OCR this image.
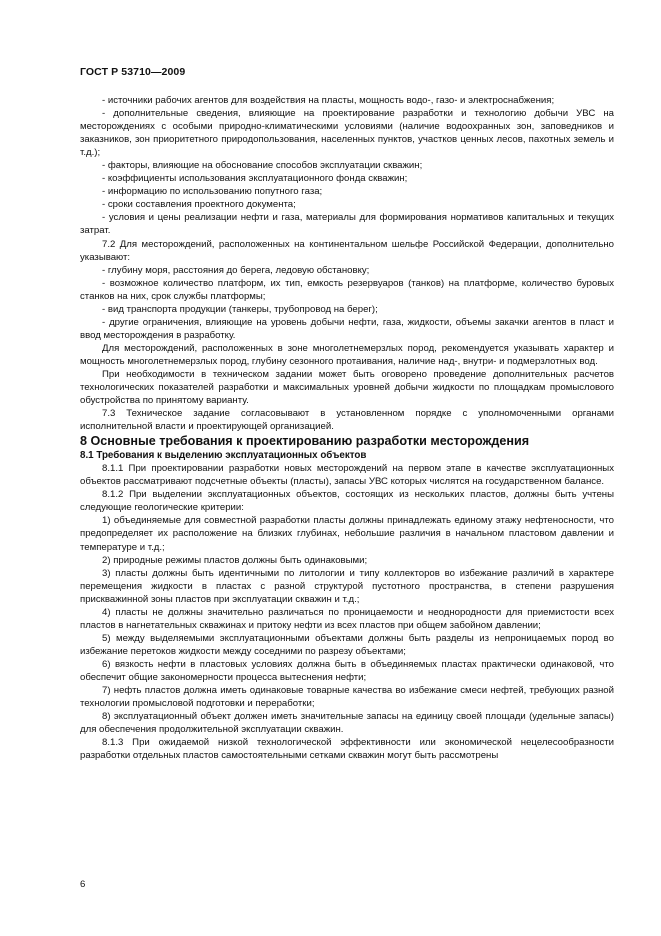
ГОСТ Р 53710—2009

- источники рабочих агентов для воздействия на пласты, мощность водо-, газо- и электроснабжения;

- дополнительные сведения, влияющие на проектирование разработки и технологию добычи УВС на месторождениях с особыми природно-климатическими условиями (наличие водоохранных зон, заповедников и заказников, зон приоритетного природопользования, населенных пунктов, участков ценных лесов, пахотных земель и т.д.);

- факторы, влияющие на обоснование способов эксплуатации скважин;

- коэффициенты использования эксплуатационного фонда скважин;

- информацию по использованию попутного газа;

- сроки составления проектного документа;

- условия и цены реализации нефти и газа, материалы для формирования нормативов капитальных и текущих затрат.

7.2 Для месторождений, расположенных на континентальном шельфе Российской Федерации, дополнительно указывают:

- глубину моря, расстояния до берега, ледовую обстановку;

- возможное количество платформ, их тип, емкость резервуаров (танков) на платформе, количество буровых станков на них, срок службы платформы;

- вид транспорта продукции (танкеры, трубопровод на берег);

- другие ограничения, влияющие на уровень добычи нефти, газа, жидкости, объемы закачки агентов в пласт и ввод месторождения в разработку.

Для месторождений, расположенных в зоне многолетнемерзлых пород, рекомендуется указывать характер и мощность многолетнемерзлых пород, глубину сезонного протаивания, наличие над-, внутри- и подмерзлотных вод.

При необходимости в техническом задании может быть оговорено проведение дополнительных расчетов технологических показателей разработки и максимальных уровней добычи жидкости по площадкам промыслового обустройства по принятому варианту.

7.3 Техническое задание согласовывают в установленном порядке с уполномоченными органами исполнительной власти и проектирующей организацией.

8 Основные требования к проектированию разработки месторождения

8.1 Требования к выделению эксплуатационных объектов

8.1.1 При проектировании разработки новых месторождений на первом этапе в качестве эксплуатационных объектов рассматривают подсчетные объекты (пласты), запасы УВС которых числятся на государственном балансе.

8.1.2 При выделении эксплуатационных объектов, состоящих из нескольких пластов, должны быть учтены следующие геологические критерии:

1) объединяемые для совместной разработки пласты должны принадлежать единому этажу нефтеносности, что предопределяет их расположение на близких глубинах, небольшие различия в начальном пластовом давлении и температуре и т.д.;

2) природные режимы пластов должны быть одинаковыми;

3) пласты должны быть идентичными по литологии и типу коллекторов во избежание различий в характере перемещения жидкости в пластах с разной структурой пустотного пространства, в степени разрушения прискважинной зоны пластов при эксплуатации скважин и т.д.;

4) пласты не должны значительно различаться по проницаемости и неоднородности для приемистости всех пластов в нагнетательных скважинах и притоку нефти из всех пластов при общем забойном давлении;

5) между выделяемыми эксплуатационными объектами должны быть разделы из непроницаемых пород во избежание перетоков жидкости между соседними по разрезу объектами;

6) вязкость нефти в пластовых условиях должна быть в объединяемых пластах практически одинаковой, что обеспечит общие закономерности процесса вытеснения нефти;

7) нефть пластов должна иметь одинаковые товарные качества во избежание смеси нефтей, требующих разной технологии промысловой подготовки и переработки;

8) эксплуатационный объект должен иметь значительные запасы на единицу своей площади (удельные запасы) для обеспечения продолжительной эксплуатации скважин.

8.1.3 При ожидаемой низкой технологической эффективности или экономической нецелесообразности разработки отдельных пластов самостоятельными сетками скважин могут быть рассмотрены

6
